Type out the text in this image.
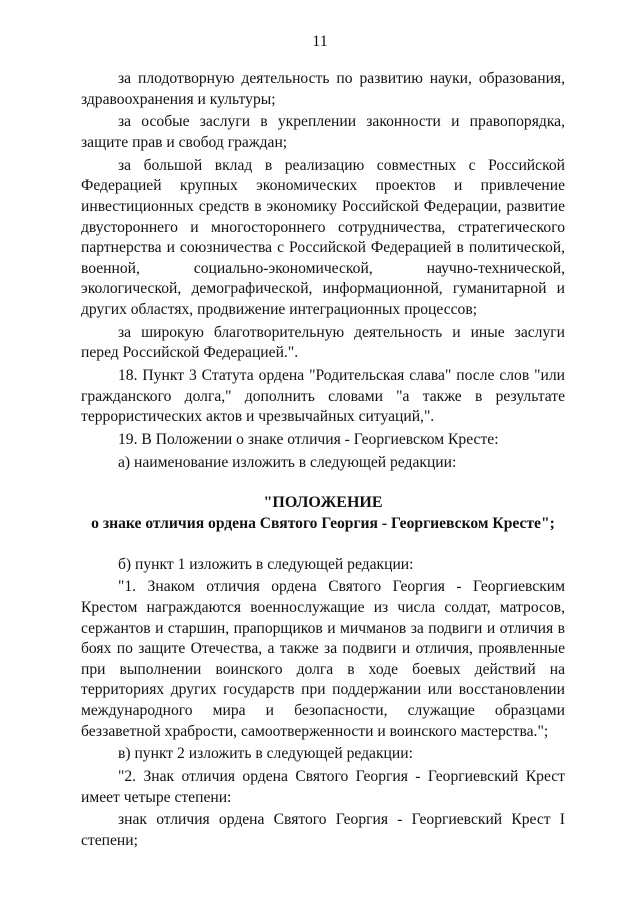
11

за плодотворную деятельность по развитию науки, образования, здравоохранения и культуры;

за особые заслуги в укреплении законности и правопорядка, защите прав и свобод граждан;

за большой вклад в реализацию совместных с Российской Федерацией крупных экономических проектов и привлечение инвестиционных средств в экономику Российской Федерации, развитие двустороннего и многостороннего сотрудничества, стратегического партнерства и союзничества с Российской Федерацией в политической, военной, социально-экономической, научно-технической, экологической, демографической, информационной, гуманитарной и других областях, продвижение интеграционных процессов;

за широкую благотворительную деятельность и иные заслуги перед Российской Федерацией.".

18. Пункт 3 Статута ордена "Родительская слава" после слов "или гражданского долга," дополнить словами "а также в результате террористических актов и чрезвычайных ситуаций,".

19. В Положении о знаке отличия - Георгиевском Кресте:

а) наименование изложить в следующей редакции:

"ПОЛОЖЕНИЕ

о знаке отличия ордена Святого Георгия - Георгиевском Кресте";

б) пункт 1 изложить в следующей редакции:

"1. Знаком отличия ордена Святого Георгия - Георгиевским Крестом награждаются военнослужащие из числа солдат, матросов, сержантов и старшин, прапорщиков и мичманов за подвиги и отличия в боях по защите Отечества, а также за подвиги и отличия, проявленные при выполнении воинского долга в ходе боевых действий на территориях других государств при поддержании или восстановлении международного мира и безопасности, служащие образцами беззаветной храбрости, самоотверженности и воинского мастерства.";

в) пункт 2 изложить в следующей редакции:

"2. Знак отличия ордена Святого Георгия - Георгиевский Крест имеет четыре степени:

знак отличия ордена Святого Георгия - Георгиевский Крест I степени;
